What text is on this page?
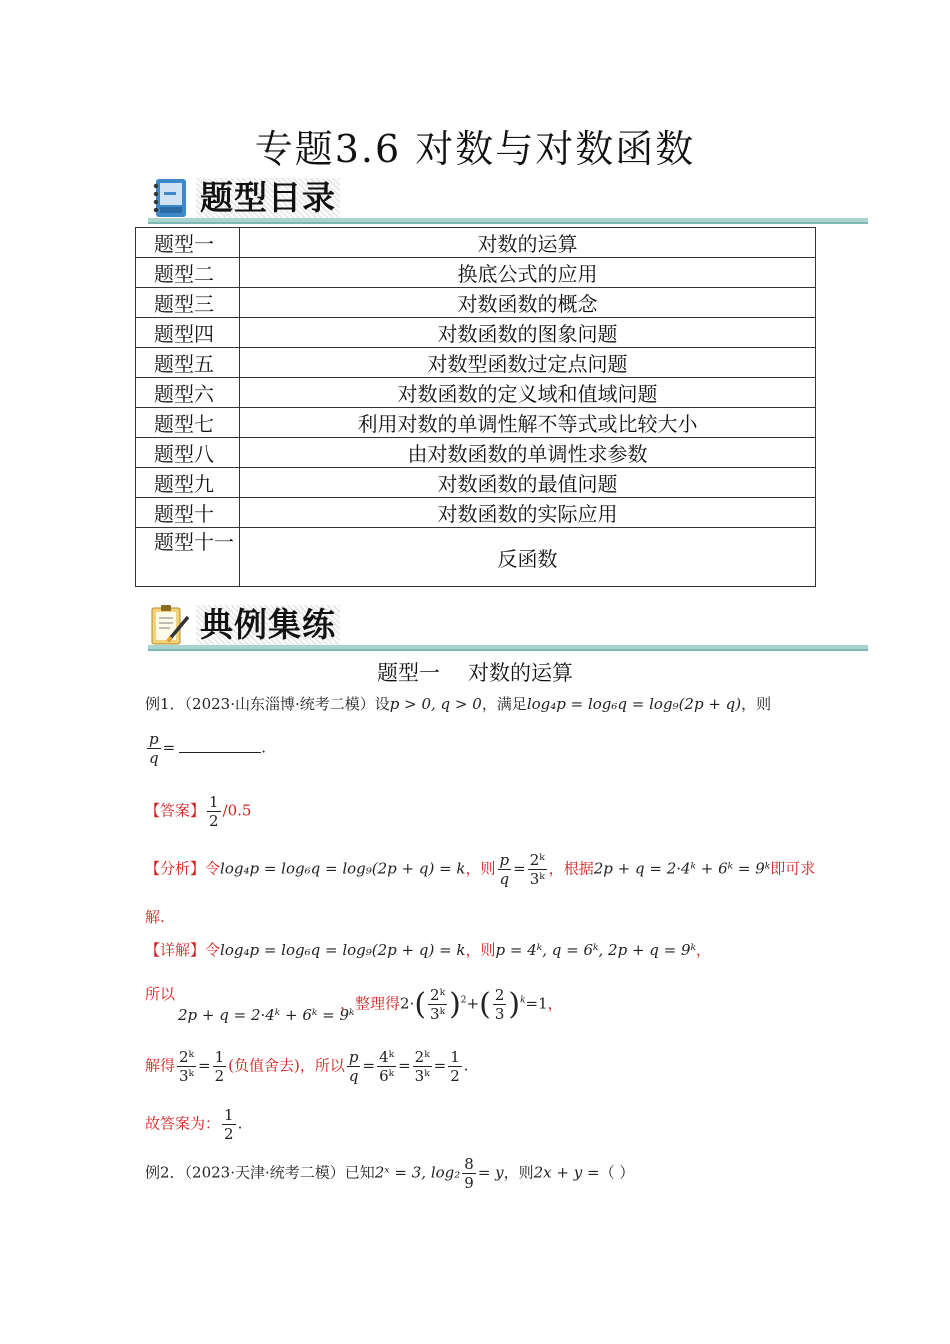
专题3.6 对数与对数函数
题型目录
题型一	对数的运算
题型二	换底公式的应用
题型三	对数函数的概念
题型四	对数函数的图象问题
题型五	对数型函数过定点问题
题型六	对数函数的定义域和值域问题
题型七	利用对数的单调性解不等式或比较大小
题型八	由对数函数的单调性求参数
题型九	对数函数的最值问题
题型十	对数函数的实际应用
题型十一	反函数
典例集练
题型一 对数的运算
例1．（2023·山东淄博·统考二模）设p > 0, q > 0，满足log₄p = log₆q = log₉(2p + q)，则
$\frac{p}{q}$ =	.
【答案】 $\frac{1}{2} /0.5$
【分析】令log₄p = log₆q = log₉(2p + q) = k，则 $\frac{p}{q} = \frac{\text{2ᵏ}}{\text{3ᵏ}}$ ，根据2p + q = 2·4ᵏ + 6ᵏ = 9ᵏ即可求
解.
【详解】令log₄p = log₆q = log₉(2p + q) = k，则p = 4ᵏ, q = 6ᵏ, 2p + q = 9ᵏ，
所以
2p + q = 2·4ᵏ + 6ᵏ = 9ᵏ
，整理得$2\cdot( \frac{\text{2ᵏ}}{\text{3ᵏ}} )^2+( \frac{2}{3} )^k=1$，
解得 $\frac{\text{2ᵏ}}{\text{3ᵏ}} = \frac{1}{2}$ (负值舍去)，所以 $\frac{p}{q} = \frac{\text{4ᵏ}}{\text{6ᵏ}} = \frac{\text{2ᵏ}}{\text{3ᵏ}} = \frac{1}{2}$ .
故答案为： $\frac{1}{2}$ .
例2．（2023·天津·统考二模）已知2ˣ = 3, $\log_2 \frac{8}{9} = y$，则2x + y =（ ）
